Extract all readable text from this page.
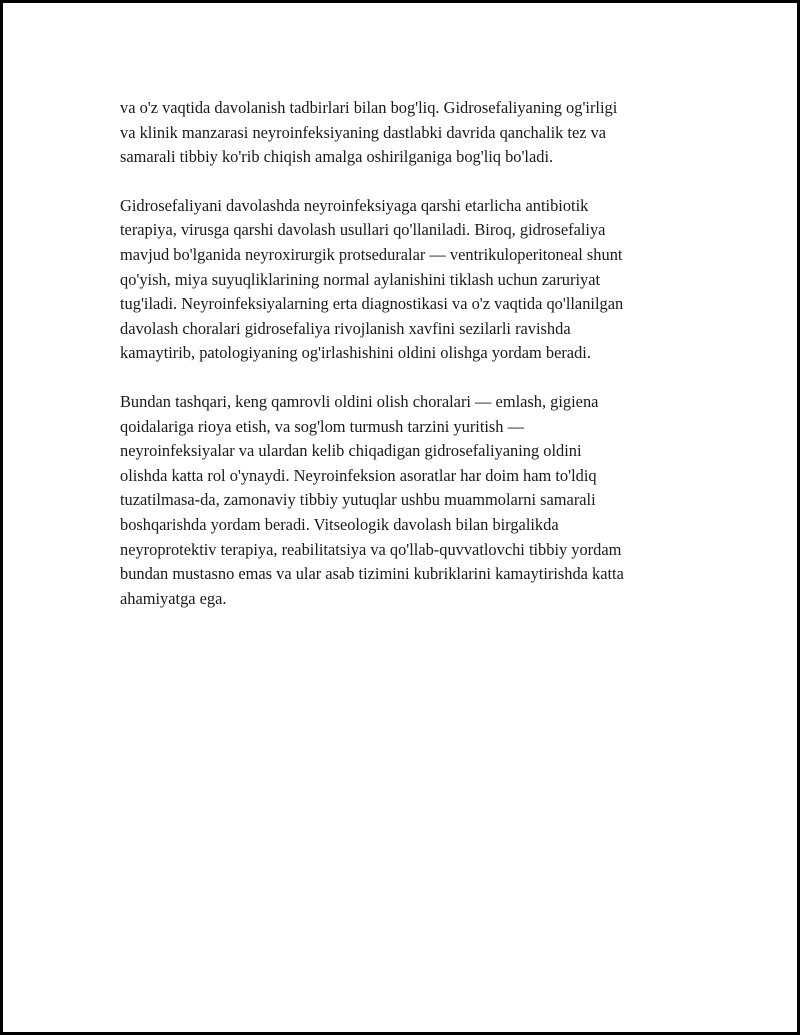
va o'z vaqtida davolanish tadbirlari bilan bog'liq. Gidrosefaliyaning og'irligi
va klinik manzarasi neyroinfeksiyaning dastlabki davrida qanchalik tez va
samarali tibbiy ko'rib chiqish amalga oshirilganiga bog'liq bo'ladi.

Gidrosefaliyani davolashda neyroinfeksiyaga qarshi etarlicha antibiotik
terapiya, virusga qarshi davolash usullari qo'llaniladi. Biroq, gidrosefaliya
mavjud bo'lganida neyroxirurgik protseduralar — ventrikuloperitoneal shunt
qo'yish, miya suyuqliklarining normal aylanishini tiklash uchun zaruriyat
tug'iladi. Neyroinfeksiyalarning erta diagnostikasi va o'z vaqtida qo'llanilgan
davolash choralari gidrosefaliya rivojlanish xavfini sezilarli ravishda
kamaytirib, patologiyaning og'irlashishini oldini olishga yordam beradi.

Bundan tashqari, keng qamrovli oldini olish choralari — emlash, gigiena
qoidalariga rioya etish, va sog'lom turmush tarzini yuritish —
neyroinfeksiyalar va ulardan kelib chiqadigan gidrosefaliyaning oldini
olishda katta rol o'ynaydi. Neyroinfeksion asoratlar har doim ham to'ldiq
tuzatilmasa-da, zamonaviy tibbiy yutuqlar ushbu muammolarni samarali
boshqarishda yordam beradi. Vitseologik davolash bilan birgalikda
neyroprotektiv terapiya, reabilitatsiya va qo'llab-quvvatlovchi tibbiy yordam
bundan mustasno emas va ular asab tizimini kubriklarini kamaytirishda katta
ahamiyatga ega.
